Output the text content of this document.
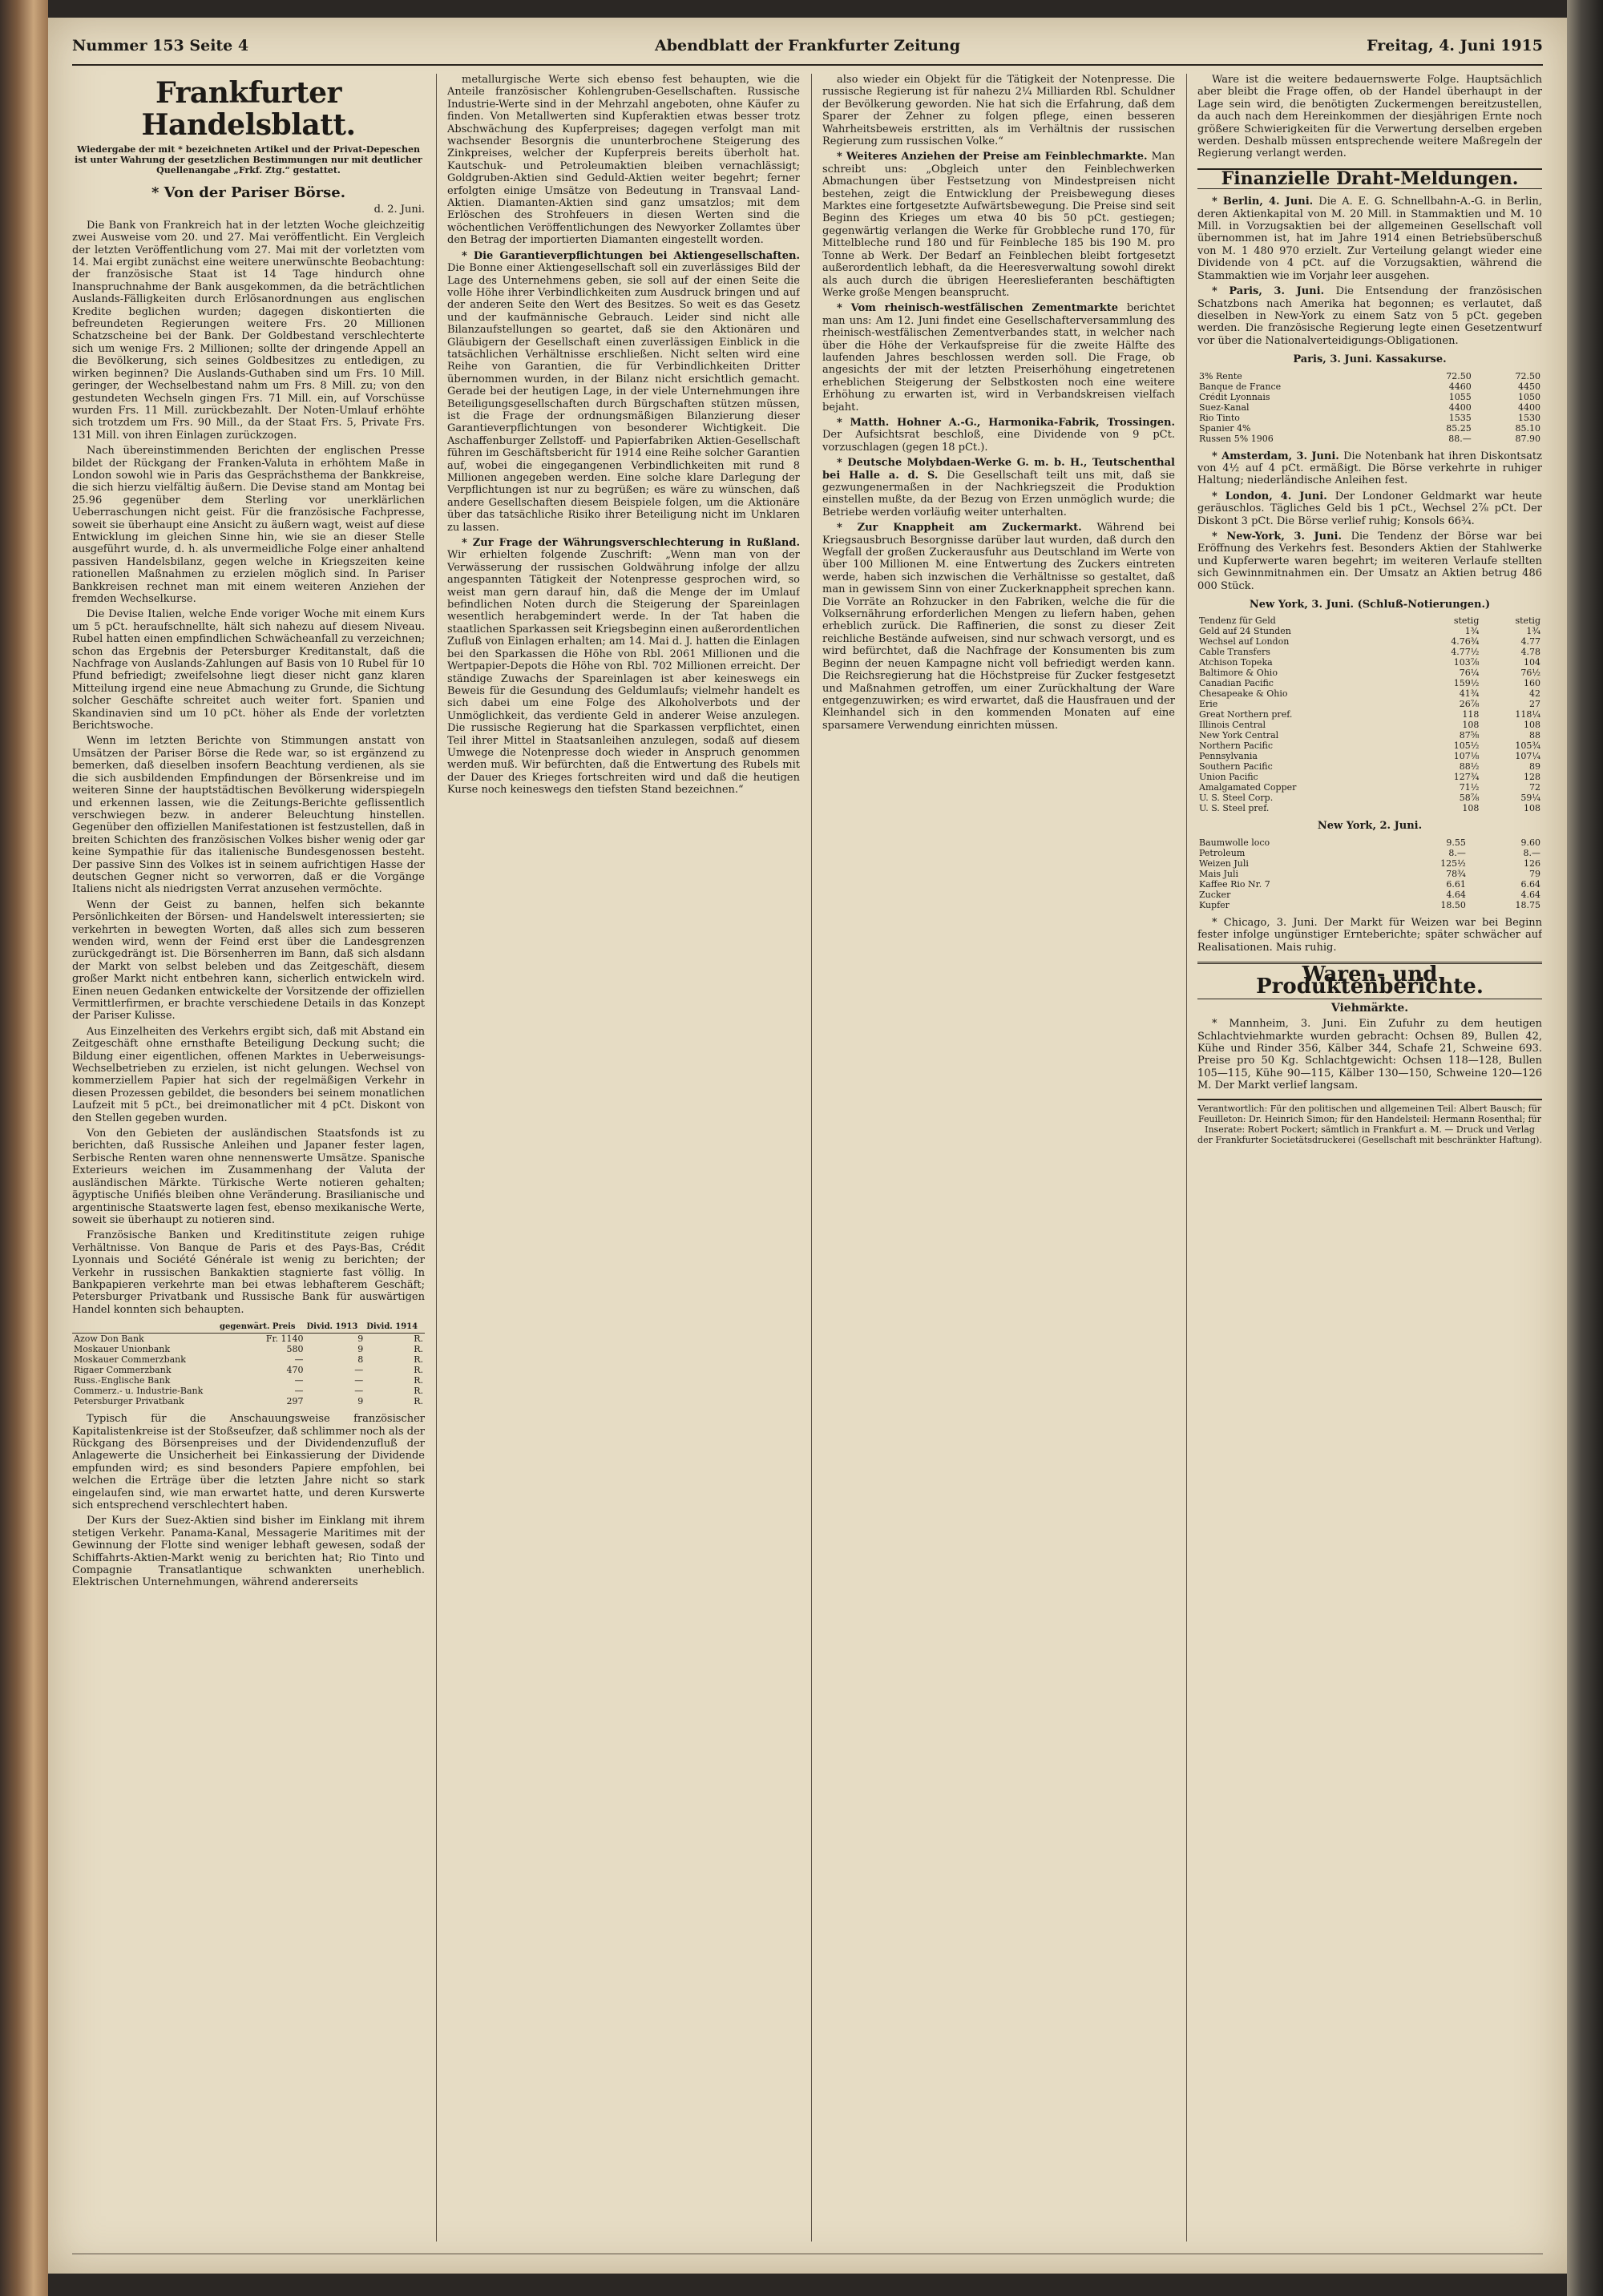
Nummer 153 Seite 4	Abendblatt der Frankfurter Zeitung	Freitag, 4. Juni 1915
Frankfurter Handelsblatt.
Wiedergabe der mit * bezeichneten Artikel und der Privat-Depeschen ist unter Wahrung der gesetzlichen Bestimmungen nur mit deutlicher Quellenangabe „Frkf. Ztg.“ gestattet.
* Von der Pariser Börse.
d. 2. Juni.

Die Bank von Frankreich hat in der letzten Woche gleichzeitig zwei Ausweise vom 20. und 27. Mai veröffentlicht. Ein Vergleich der letzten Veröffentlichung vom 27. Mai mit der vorletzten vom 14. Mai ergibt zunächst eine weitere unerwünschte Beobachtung: der französische Staat ist 14 Tage hindurch ohne Inanspruchnahme der Bank ausgekommen, da die beträchtlichen Auslands-Fälligkeiten durch Erlösanordnungen aus englischen Kredite beglichen wurden; dagegen diskontierten die befreundeten Regierungen weitere Frs. 20 Millionen Schatzscheine bei der Bank. Der Goldbestand verschlechterte sich um wenige Frs. 2 Millionen; sollte der dringende Appell an die Bevölkerung, sich seines Goldbesitzes zu entledigen, zu wirken beginnen? Die Auslands-Guthaben sind um Frs. 10 Mill. geringer, der Wechselbestand nahm um Frs. 8 Mill. zu; von den gestundeten Wechseln gingen Frs. 71 Mill. ein, auf Vorschüsse wurden Frs. 11 Mill. zurückbezahlt. Der Noten-Umlauf erhöhte sich trotzdem um Frs. 90 Mill., da der Staat Frs. 5, Private Frs. 131 Mill. von ihren Einlagen zurückzogen.

Nach übereinstimmenden Berichten der englischen Presse bildet der Rückgang der Franken-Valuta in erhöhtem Maße in London sowohl wie in Paris das Gesprächsthema der Bankkreise, die sich hierzu vielfältig äußern. Die Devise stand am Montag bei 25.96 gegenüber dem Sterling vor unerklärlichen Ueberraschungen nicht geist. Für die französische Fachpresse, soweit sie überhaupt eine Ansicht zu äußern wagt, weist auf diese Entwicklung im gleichen Sinne hin, wie sie an dieser Stelle ausgeführt wurde, d. h. als unvermeidliche Folge einer anhaltend passiven Handelsbilanz, gegen welche in Kriegszeiten keine rationellen Maßnahmen zu erzielen möglich sind. In Pariser Bankkreisen rechnet man mit einem weiteren Anziehen der fremden Wechselkurse.

Die Devise Italien, welche Ende voriger Woche mit einem Kurs um 5 pCt. heraufschnellte, hält sich nahezu auf diesem Niveau. Rubel hatten einen empfindlichen Schwächeanfall zu verzeichnen; schon das Ergebnis der Petersburger Kreditanstalt, daß die Nachfrage von Auslands-Zahlungen auf Basis von 10 Rubel für 10 Pfund befriedigt; zweifelsohne liegt dieser nicht ganz klaren Mitteilung irgend eine neue Abmachung zu Grunde, die Sichtung solcher Geschäfte schreitet auch weiter fort. Spanien und Skandinavien sind um 10 pCt. höher als Ende der vorletzten Berichtswoche.

Wenn im letzten Berichte von Stimmungen anstatt von Umsätzen der Pariser Börse die Rede war, so ist ergänzend zu bemerken, daß dieselben insofern Beachtung verdienen, als sie die sich ausbildenden Empfindungen der Börsenkreise und im weiteren Sinne der hauptstädtischen Bevölkerung widerspiegeln und erkennen lassen, wie die Zeitungs-Berichte geflissentlich verschwiegen bezw. in anderer Beleuchtung hinstellen. Gegenüber den offiziellen Manifestationen ist festzustellen, daß in breiten Schichten des französischen Volkes bisher wenig oder gar keine Sympathie für das italienische Bundesgenossen besteht. Der passive Sinn des Volkes ist in seinem aufrichtigen Hasse der deutschen Gegner nicht so verworren, daß er die Vorgänge Italiens nicht als niedrigsten Verrat anzusehen vermöchte.

Wenn der Geist zu bannen, helfen sich bekannte Persönlichkeiten der Börsen- und Handelswelt interessierten; sie verkehrten in bewegten Worten, daß alles sich zum besseren wenden wird, wenn der Feind erst über die Landesgrenzen zurückgedrängt ist. Die Börsenherren im Bann, daß sich alsdann der Markt von selbst beleben und das Zeitgeschäft, diesem großer Markt nicht entbehren kann, sicherlich entwickeln wird. Einen neuen Gedanken entwickelte der Vorsitzende der offiziellen Vermittlerfirmen, er brachte verschiedene Details in das Konzept der Pariser Kulisse.

Aus Einzelheiten des Verkehrs ergibt sich, daß mit Abstand ein Zeitgeschäft ohne ernsthafte Beteiligung Deckung sucht; die Bildung einer eigentlichen, offenen Marktes in Ueberweisungs-Wechselbetrieben zu erzielen, ist nicht gelungen. Wechsel von kommerziellem Papier hat sich der regelmäßigen Verkehr in diesen Prozessen gebildet, die besonders bei seinem monatlichen Laufzeit mit 5 pCt., bei dreimonatlicher mit 4 pCt. Diskont von den Stellen gegeben wurden.

Von den Gebieten der ausländischen Staatsfonds ist zu berichten, daß Russische Anleihen und Japaner fester lagen, Serbische Renten waren ohne nennenswerte Umsätze. Spanische Exterieurs weichen im Zusammenhang der Valuta der ausländischen Märkte. Türkische Werte notieren gehalten; ägyptische Unifiés bleiben ohne Veränderung. Brasilianische und argentinische Staatswerte lagen fest, ebenso mexikanische Werte, soweit sie überhaupt zu notieren sind.

Französische Banken und Kreditinstitute zeigen ruhige Verhältnisse. Von Banque de Paris et des Pays-Bas, Crédit Lyonnais und Société Générale ist wenig zu berichten; der Verkehr in russischen Bankaktien stagnierte fast völlig. In Bankpapieren verkehrte man bei etwas lebhafterem Geschäft; Petersburger Privatbank und Russische Bank für auswärtigen Handel konnten sich behaupten.

	gegenwärt. Preis	Divid. 1913	Divid. 1914
Azow Don Bank	Fr. 1140	9	R.
Moskauer Unionbank	580	9	R.
Moskauer Commerzbank	—	8	R.
Rigaer Commerzbank	470	—	R.
Russ.-Englische Bank	—	—	R.
Commerz.- u. Industrie-Bank	—	—	R.
Petersburger Privatbank	297	9	R.

Typisch für die Anschauungsweise französischer Kapitalistenkreise ist der Stoßseufzer, daß schlimmer noch als der Rückgang des Börsenpreises und der Dividendenzufluß der Anlagewerte die Unsicherheit bei Einkassierung der Dividende empfunden wird; es sind besonders Papiere empfohlen, bei welchen die Erträge über die letzten Jahre nicht so stark eingelaufen sind, wie man erwartet hatte, und deren Kurswerte sich entsprechend verschlechtert haben.

Der Kurs der Suez-Aktien sind bisher im Einklang mit ihrem stetigen Verkehr. Panama-Kanal, Messagerie Maritimes mit der Gewinnung der Flotte sind weniger lebhaft gewesen, sodaß der Schiffahrts-Aktien-Markt wenig zu berichten hat; Rio Tinto und Compagnie Transatlantique schwankten unerheblich. Elektrischen Unternehmungen, während andererseits

metallurgische Werte sich ebenso fest behaupten, wie die Anteile französischer Kohlengruben-Gesellschaften. Russische Industrie-Werte sind in der Mehrzahl angeboten, ohne Käufer zu finden. Von Metallwerten sind Kupferaktien etwas besser trotz Abschwächung des Kupferpreises; dagegen verfolgt man mit wachsender Besorgnis die ununterbrochene Steigerung des Zinkpreises, welcher der Kupferpreis bereits überholt hat. Kautschuk- und Petroleumaktien bleiben vernachlässigt; Goldgruben-Aktien sind Geduld-Aktien weiter begehrt; ferner erfolgten einige Umsätze von Bedeutung in Transvaal Land-Aktien. Diamanten-Aktien sind ganz umsatzlos; mit dem Erlöschen des Strohfeuers in diesen Werten sind die wöchentlichen Veröffentlichungen des Newyorker Zollamtes über den Betrag der importierten Diamanten eingestellt worden.

* Die Garantieverpflichtungen bei Aktiengesellschaften. Die Bonne einer Aktiengesellschaft soll ein zuverlässiges Bild der Lage des Unternehmens geben, sie soll auf der einen Seite die volle Höhe ihrer Verbindlichkeiten zum Ausdruck bringen und auf der anderen Seite den Wert des Besitzes. So weit es das Gesetz und der kaufmännische Gebrauch. Leider sind nicht alle Bilanzaufstellungen so geartet, daß sie den Aktionären und Gläubigern der Gesellschaft einen zuverlässigen Einblick in die tatsächlichen Verhältnisse erschließen. Nicht selten wird eine Reihe von Garantien, die für Verbindlichkeiten Dritter übernommen wurden, in der Bilanz nicht ersichtlich gemacht. Gerade bei der heutigen Lage, in der viele Unternehmungen ihre Beteiligungsgesellschaften durch Bürgschaften stützen müssen, ist die Frage der ordnungsmäßigen Bilanzierung dieser Garantieverpflichtungen von besonderer Wichtigkeit. Die Aschaffenburger Zellstoff- und Papierfabriken Aktien-Gesellschaft führen im Geschäftsbericht für 1914 eine Reihe solcher Garantien auf, wobei die eingegangenen Verbindlichkeiten mit rund 8 Millionen angegeben werden. Eine solche klare Darlegung der Verpflichtungen ist nur zu begrüßen; es wäre zu wünschen, daß andere Gesellschaften diesem Beispiele folgen, um die Aktionäre über das tatsächliche Risiko ihrer Beteiligung nicht im Unklaren zu lassen.

* Zur Frage der Währungsverschlechterung in Rußland. Wir erhielten folgende Zuschrift: „Wenn man von der Verwässerung der russischen Goldwährung infolge der allzu angespannten Tätigkeit der Notenpresse gesprochen wird, so weist man gern darauf hin, daß die Menge der im Umlauf befindlichen Noten durch die Steigerung der Spareinlagen wesentlich herabgemindert werde. In der Tat haben die staatlichen Sparkassen seit Kriegsbeginn einen außerordentlichen Zufluß von Einlagen erhalten; am 14. Mai d. J. hatten die Einlagen bei den Sparkassen die Höhe von Rbl. 2061 Millionen und die Wertpapier-Depots die Höhe von Rbl. 702 Millionen erreicht. Der ständige Zuwachs der Spareinlagen ist aber keineswegs ein Beweis für die Gesundung des Geldumlaufs; vielmehr handelt es sich dabei um eine Folge des Alkoholverbots und der Unmöglichkeit, das verdiente Geld in anderer Weise anzulegen. Die russische Regierung hat die Sparkassen verpflichtet, einen Teil ihrer Mittel in Staatsanleihen anzulegen, sodaß auf diesem Umwege die Notenpresse doch wieder in Anspruch genommen werden muß. Wir befürchten, daß die Entwertung des Rubels mit der Dauer des Krieges fortschreiten wird und daß die heutigen Kurse noch keineswegs den tiefsten Stand bezeichnen.“

also wieder ein Objekt für die Tätigkeit der Notenpresse. Die russische Regierung ist für nahezu 2¼ Milliarden Rbl. Schuldner der Bevölkerung geworden. Nie hat sich die Erfahrung, daß dem Sparer der Zehner zu folgen pflege, einen besseren Wahrheitsbeweis erstritten, als im Verhältnis der russischen Regierung zum russischen Volke.“

* Weiteres Anziehen der Preise am Feinblechmarkte. Man schreibt uns: „Obgleich unter den Feinblechwerken Abmachungen über Festsetzung von Mindestpreisen nicht bestehen, zeigt die Entwicklung der Preisbewegung dieses Marktes eine fortgesetzte Aufwärtsbewegung. Die Preise sind seit Beginn des Krieges um etwa 40 bis 50 pCt. gestiegen; gegenwärtig verlangen die Werke für Grobbleche rund 170, für Mittelbleche rund 180 und für Feinbleche 185 bis 190 M. pro Tonne ab Werk. Der Bedarf an Feinblechen bleibt fortgesetzt außerordentlich lebhaft, da die Heeresverwaltung sowohl direkt als auch durch die übrigen Heereslieferanten beschäftigten Werke große Mengen beansprucht.

* Vom rheinisch-westfälischen Zementmarkte berichtet man uns: Am 12. Juni findet eine Gesellschafterversammlung des rheinisch-westfälischen Zementverbandes statt, in welcher nach über die Höhe der Verkaufspreise für die zweite Hälfte des laufenden Jahres beschlossen werden soll. Die Frage, ob angesichts der mit der letzten Preiserhöhung eingetretenen erheblichen Steigerung der Selbstkosten noch eine weitere Erhöhung zu erwarten ist, wird in Verbandskreisen vielfach bejaht.

* Matth. Hohner A.-G., Harmonika-Fabrik, Trossingen. Der Aufsichtsrat beschloß, eine Dividende von 9 pCt. vorzuschlagen (gegen 18 pCt.).

* Deutsche Molybdaen-Werke G. m. b. H., Teutschenthal bei Halle a. d. S. Die Gesellschaft teilt uns mit, daß sie gezwungenermaßen in der Nachkriegszeit die Produktion einstellen mußte, da der Bezug von Erzen unmöglich wurde; die Betriebe werden vorläufig weiter unterhalten.

* Zur Knappheit am Zuckermarkt. Während bei Kriegsausbruch Besorgnisse darüber laut wurden, daß durch den Wegfall der großen Zuckerausfuhr aus Deutschland im Werte von über 100 Millionen M. eine Entwertung des Zuckers eintreten werde, haben sich inzwischen die Verhältnisse so gestaltet, daß man in gewissem Sinn von einer Zuckerknappheit sprechen kann. Die Vorräte an Rohzucker in den Fabriken, welche die für die Volksernährung erforderlichen Mengen zu liefern haben, gehen erheblich zurück. Die Raffinerien, die sonst zu dieser Zeit reichliche Bestände aufweisen, sind nur schwach versorgt, und es wird befürchtet, daß die Nachfrage der Konsumenten bis zum Beginn der neuen Kampagne nicht voll befriedigt werden kann. Die Reichsregierung hat die Höchstpreise für Zucker festgesetzt und Maßnahmen getroffen, um einer Zurückhaltung der Ware entgegenzuwirken; es wird erwartet, daß die Hausfrauen und der Kleinhandel sich in den kommenden Monaten auf eine sparsamere Verwendung einrichten müssen.

Ware ist die weitere bedauernswerte Folge. Hauptsächlich aber bleibt die Frage offen, ob der Handel überhaupt in der Lage sein wird, die benötigten Zuckermengen bereitzustellen, da auch nach dem Hereinkommen der diesjährigen Ernte noch größere Schwierigkeiten für die Verwertung derselben ergeben werden. Deshalb müssen entsprechende weitere Maßregeln der Regierung verlangt werden.

Finanzielle Draht-Meldungen.

* Berlin, 4. Juni. Die A. E. G. Schnellbahn-A.-G. in Berlin, deren Aktienkapital von M. 20 Mill. in Stammaktien und M. 10 Mill. in Vorzugsaktien bei der allgemeinen Gesellschaft voll übernommen ist, hat im Jahre 1914 einen Betriebsüberschuß von M. 1 480 970 erzielt. Zur Verteilung gelangt wieder eine Dividende von 4 pCt. auf die Vorzugsaktien, während die Stammaktien wie im Vorjahr leer ausgehen.

* Paris, 3. Juni. Die Entsendung der französischen Schatzbons nach Amerika hat begonnen; es verlautet, daß dieselben in New-York zu einem Satz von 5 pCt. gegeben werden. Die französische Regierung legte einen Gesetzentwurf vor über die Nationalverteidigungs-Obligationen.

Paris, 3. Juni. Kassakurse.
3% Rente	72.50	72.50
Banque de France	4460	4450
Crédit Lyonnais	1055	1050
Suez-Kanal	4400	4400
Rio Tinto	1535	1530
Spanier 4%	85.25	85.10
Russen 5% 1906	88.—	87.90

* Amsterdam, 3. Juni. Die Notenbank hat ihren Diskontsatz von 4½ auf 4 pCt. ermäßigt. Die Börse verkehrte in ruhiger Haltung; niederländische Anleihen fest.

* London, 4. Juni. Der Londoner Geldmarkt war heute geräuschlos. Tägliches Geld bis 1 pCt., Wechsel 2⅞ pCt. Der Diskont 3 pCt. Die Börse verlief ruhig; Konsols 66¾.

* New-York, 3. Juni. Die Tendenz der Börse war bei Eröffnung des Verkehrs fest. Besonders Aktien der Stahlwerke und Kupferwerte waren begehrt; im weiteren Verlaufe stellten sich Gewinnmitnahmen ein. Der Umsatz an Aktien betrug 486 000 Stück.

New York, 3. Juni. (Schluß-Notierungen.)
Tendenz für Geld	stetig	stetig
Geld auf 24 Stunden	1¾	1¾
Wechsel auf London	4.76¾	4.77
Cable Transfers	4.77½	4.78
Atchison Topeka	103⅞	104
Baltimore & Ohio	76¼	76½
Canadian Pacific	159½	160
Chesapeake & Ohio	41¾	42
Erie	26⅞	27
Great Northern pref.	118	118¼
Illinois Central	108	108
New York Central	87⅝	88
Northern Pacific	105½	105¾
Pennsylvania	107⅛	107¼
Southern Pacific	88½	89
Union Pacific	127¾	128
Amalgamated Copper	71½	72
U. S. Steel Corp.	58⅞	59¼
U. S. Steel pref.	108	108
New York, 2. Juni.
Baumwolle loco	9.55	9.60
Petroleum	8.—	8.—
Weizen Juli	125½	126
Mais Juli	78¾	79
Kaffee Rio Nr. 7	6.61	6.64
Zucker	4.64	4.64
Kupfer	18.50	18.75

* Chicago, 3. Juni. Der Markt für Weizen war bei Beginn fester infolge ungünstiger Ernteberichte; später schwächer auf Realisationen. Mais ruhig.

Waren- und Produktenberichte.
Viehmärkte.

* Mannheim, 3. Juni. Ein Zufuhr zu dem heutigen Schlachtviehmarkte wurden gebracht: Ochsen 89, Bullen 42, Kühe und Rinder 356, Kälber 344, Schafe 21, Schweine 693. Preise pro 50 Kg. Schlachtgewicht: Ochsen 118—128, Bullen 105—115, Kühe 90—115, Kälber 130—150, Schweine 120—126 M. Der Markt verlief langsam.

Verantwortlich: Für den politischen und allgemeinen Teil: Albert Bausch; für Feuilleton: Dr. Heinrich Simon; für den Handelsteil: Hermann Rosenthal; für Inserate: Robert Pockert; sämtlich in Frankfurt a. M. — Druck und Verlag der Frankfurter Societätsdruckerei (Gesellschaft mit beschränkter Haftung).
